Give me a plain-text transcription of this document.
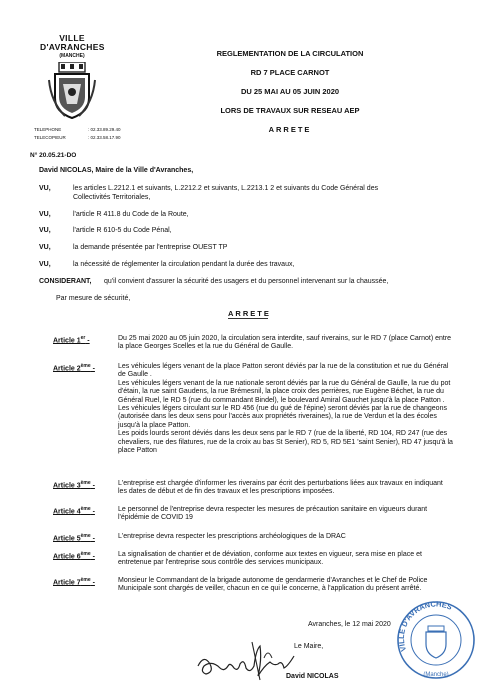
VILLE
D'AVRANCHES
(MANCHE)
TELEPHONE	: 02.33.89.29.40
TELECOPIEUR	: 02.33.58.17.90
N° 20.05.21-DO
REGLEMENTATION DE LA CIRCULATION
RD 7 PLACE CARNOT
DU 25 MAI AU 05 JUIN 2020
LORS DE TRAVAUX SUR RESEAU AEP
ARRETE
David NICOLAS, Maire de la Ville d'Avranches,
VU,	les articles L.2212.1 et suivants, L.2212.2 et suivants, L.2213.1 2 et suivants du Code Général des
Collectivités Territoriales,
VU,	l'article R 411.8 du Code de la Route,
VU,	l'article R 610-5 du Code Pénal,
VU,	la demande présentée par l'entreprise OUEST TP
VU,	la nécessité de réglementer la circulation pendant la durée des travaux,
CONSIDERANT, qu'il convient d'assurer la sécurité des usagers et du personnel intervenant sur la chaussée,
Par mesure de sécurité,
ARRETE
Article 1er -	Du 25 mai 2020 au 05 juin 2020, la circulation sera interdite, sauf riverains, sur le RD 7 (place Carnot) entre la place Georges Scelles et la rue du Général de Gaulle.
Article 2ème -	Les véhicules légers venant de la place Patton seront déviés par la rue de la constitution et rue du Général de Gaulle .
Les véhicules légers venant de la rue nationale seront déviés par la rue du Général de Gaulle, la rue du pot d'étain, la rue saint Gaudens, la rue Brémesnil, la place croix des perrières, rue Eugène Béchet, la rue du Général Ruel, le RD 5 (rue du commandant Bindel), le boulevard Amiral Gauchet jusqu'à la place Patton .
Les véhicules légers circulant sur le RD 456 (rue du gué de l'épine) seront déviés par la rue de changeons (autorisée dans les deux sens pour l'accès aux propriétés riveraines), la rue de Verdun et la des écoles jusqu'à la place Patton.
Les poids lourds seront déviés dans les deux sens par le RD 7 (rue de la liberté, RD 104, RD 247 (rue des chevaliers, rue des filatures, rue de la croix au bas St Senier), RD 5, RD 5E1 'saint Senier), RD 47 jusqu'à la place Patton
Article 3ème -	L'entreprise est chargée d'informer les riverains par écrit des perturbations liées aux travaux en indiquant les dates de début et de fin des travaux et les prescriptions imposées.
Article 4ème -	Le personnel de l'entreprise devra respecter les mesures de précaution sanitaire en vigueurs durant l'épidémie de COVID 19
Article 5ème -	L'entreprise devra respecter les prescriptions archéologiques de la DRAC
Article 6ème -	La signalisation de chantier et de déviation, conforme aux textes en vigueur, sera mise en place et entretenue par l'entreprise sous contrôle des services municipaux.
Article 7ème -	Monsieur le Commandant de la brigade autonome de gendarmerie d'Avranches et le Chef de Police Municipale sont chargés de veiller, chacun en ce qui le concerne, à l'application du présent arrêté.
Avranches, le 12 mai 2020
Le Maire,
David NICOLAS
VILLE D'AVRANCHES
(Manche)
